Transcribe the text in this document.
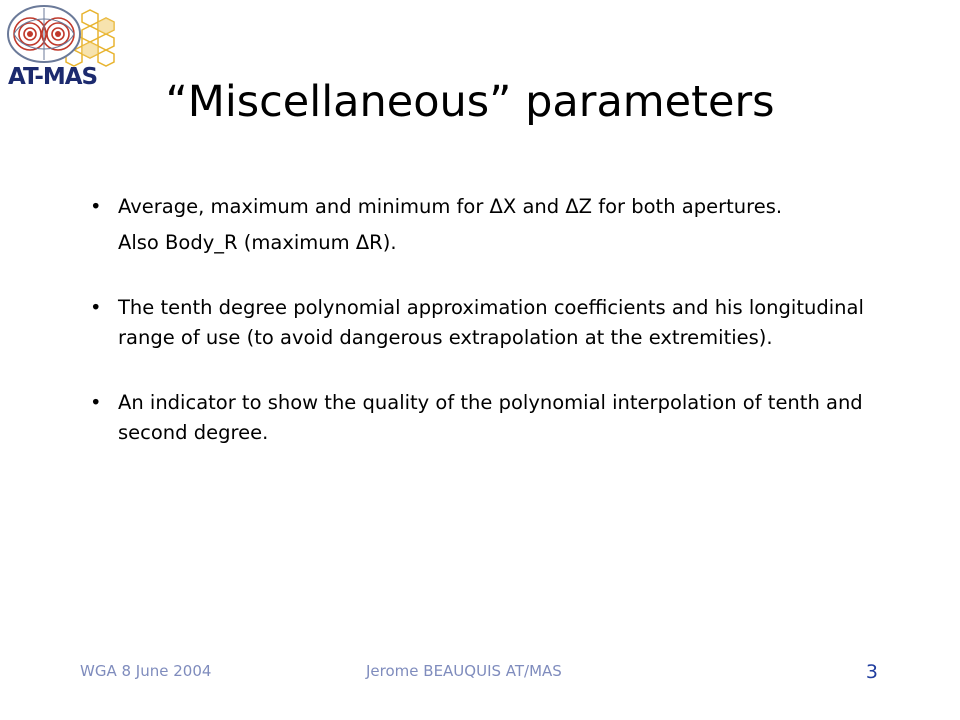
AT-MAS	“Miscellaneous” parameters
• Average, maximum and minimum for ΔX and ΔZ for both apertures.

Also Body_R (maximum ΔR).

• The tenth degree polynomial approximation coefficients and his longitudinal range of use (to avoid dangerous extrapolation at the extremities).

• An indicator to show the quality of the polynomial interpolation of tenth and second degree.

WGA 8 June 2004	Jerome BEAUQUIS AT/MAS	3
